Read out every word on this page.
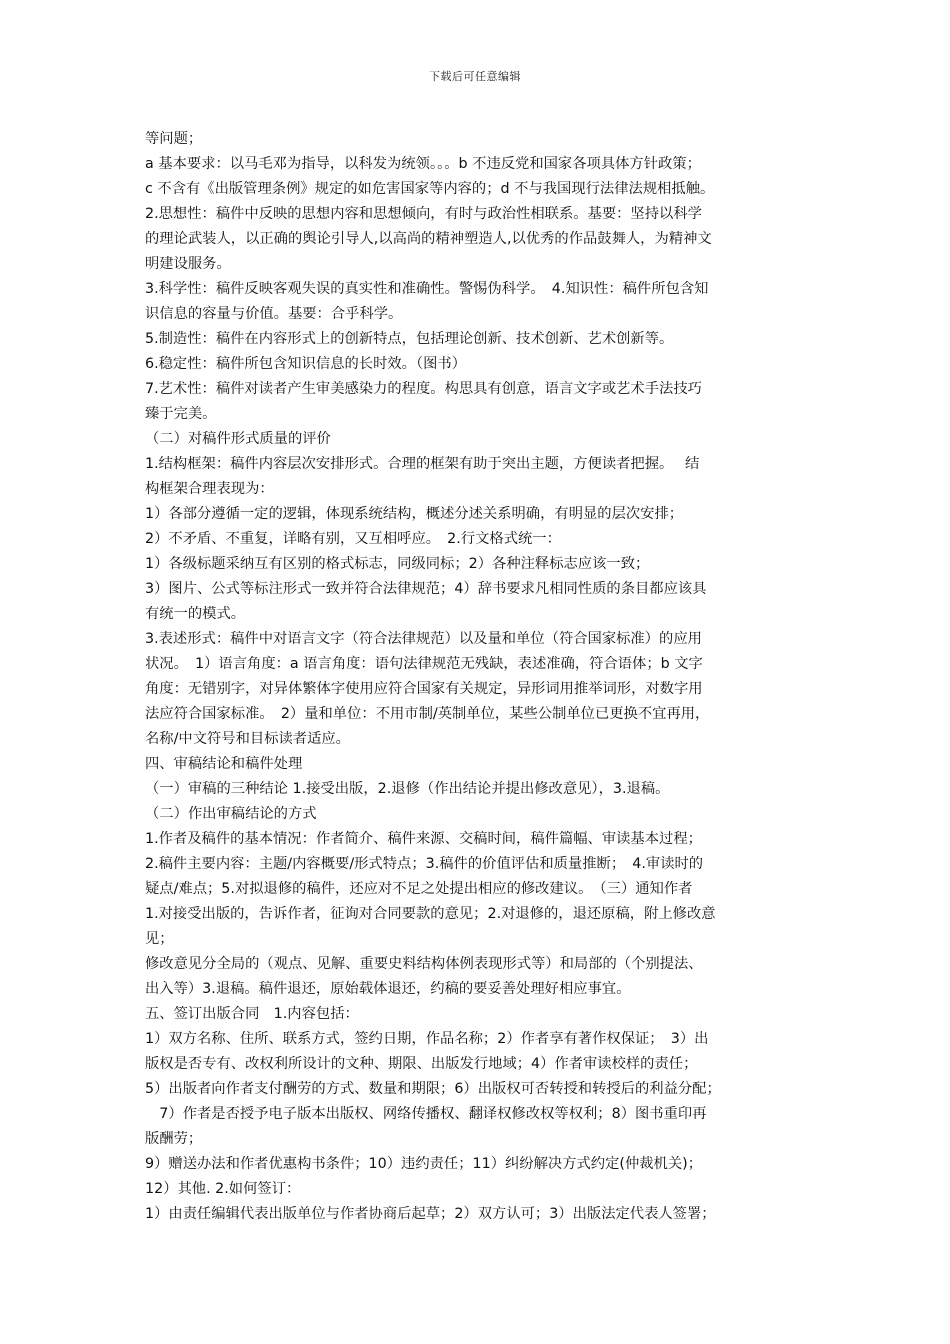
下载后可任意编辑

等问题；

a 基本要求：以马毛邓为指导，以科发为统领。。。b 不违反党和国家各项具体方针政策；

c 不含有《出版管理条例》规定的如危害国家等内容的；d 不与我国现行法律法规相抵触。

2.思想性：稿件中反映的思想内容和思想倾向，有时与政治性相联系。基要：坚持以科学

的理论武装人，以正确的舆论引导人,以高尚的精神塑造人,以优秀的作品鼓舞人，为精神文

明建设服务。

3.科学性：稿件反映客观失误的真实性和准确性。警惕伪科学。　4.知识性：稿件所包含知

识信息的容量与价值。基要：合乎科学。

5.制造性：稿件在内容形式上的创新特点，包括理论创新、技术创新、艺术创新等。

6.稳定性：稿件所包含知识信息的长时效。（图书）

7.艺术性：稿件对读者产生审美感染力的程度。构思具有创意，语言文字或艺术手法技巧

臻于完美。

（二）对稿件形式质量的评价

1.结构框架：稿件内容层次安排形式。合理的框架有助于突出主题，方便读者把握。　 结

构框架合理表现为：

1）各部分遵循一定的逻辑，体现系统结构，概述分述关系明确，有明显的层次安排；

2）不矛盾、不重复，详略有别，又互相呼应。　2.行文格式统一：

1）各级标题采纳互有区别的格式标志，同级同标；2）各种注释标志应该一致；

3）图片、公式等标注形式一致并符合法律规范；4）辞书要求凡相同性质的条目都应该具

有统一的模式。

3.表述形式：稿件中对语言文字（符合法律规范）以及量和单位（符合国家标准）的应用

状况。　1）语言角度：a 语言角度：语句法律规范无残缺，表述准确，符合语体；b 文字

角度：无错别字，对异体繁体字使用应符合国家有关规定，异形词用推举词形，对数字用

法应符合国家标准。　2）量和单位：不用市制/英制单位，某些公制单位已更换不宜再用，

名称/中文符号和目标读者适应。

四、审稿结论和稿件处理

（一）审稿的三种结论 1.接受出版，2.退修（作出结论并提出修改意见），3.退稿。

（二）作出审稿结论的方式

1.作者及稿件的基本情况：作者简介、稿件来源、交稿时间，稿件篇幅、审读基本过程；

2.稿件主要内容：主题/内容概要/形式特点；3.稿件的价值评估和质量推断；　4.审读时的

疑点/难点；5.对拟退修的稿件，还应对不足之处提出相应的修改建议。　（三）通知作者

1.对接受出版的，告诉作者，征询对合同要款的意见；2.对退修的，退还原稿，附上修改意

见；

修改意见分全局的（观点、见解、重要史料结构体例表现形式等）和局部的（个别提法、

出入等）3.退稿。稿件退还，原始载体退还，约稿的要妥善处理好相应事宜。

五、签订出版合同　1.内容包括：

1）双方名称、住所、联系方式，签约日期，作品名称；2）作者享有著作权保证；　3）出

版权是否专有、改权利所设计的文种、期限、出版发行地域；4）作者审读校样的责任；

5）出版者向作者支付酬劳的方式、数量和期限；6）出版权可否转授和转授后的利益分配；

　7）作者是否授予电子版本出版权、网络传播权、翻译权修改权等权利；8）图书重印再

版酬劳；

9）赠送办法和作者优惠构书条件；10）违约责任；11）纠纷解决方式约定(仲裁机关)；

12）其他. 2.如何签订：

1）由责任编辑代表出版单位与作者协商后起草；2）双方认可；3）出版法定代表人签署；
